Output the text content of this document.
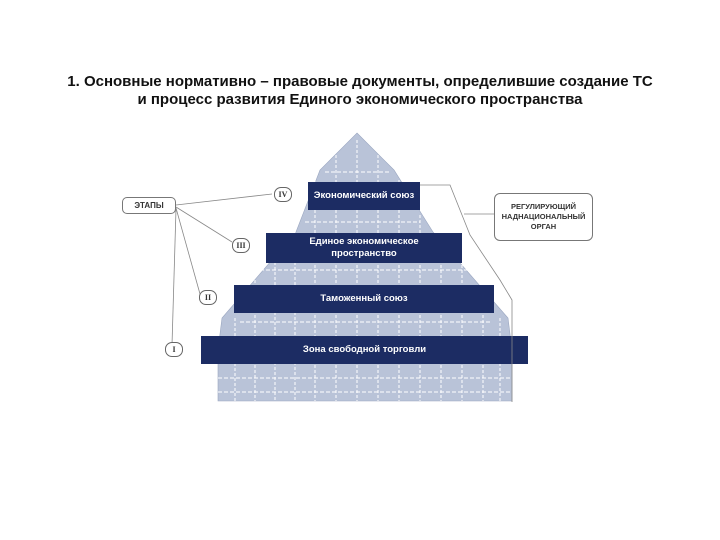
1. Основные нормативно – правовые документы, определившие создание ТС
и процесс развития Единого экономического пространства
ЭТАПЫ	РЕГУЛИРУЮЩИЙ
НАДНАЦИОНАЛЬНЫЙ
ОРГАН
IV
III
II
I
Экономический союз
Единое экономическое
пространство
Таможенный союз
Зона свободной торговли
